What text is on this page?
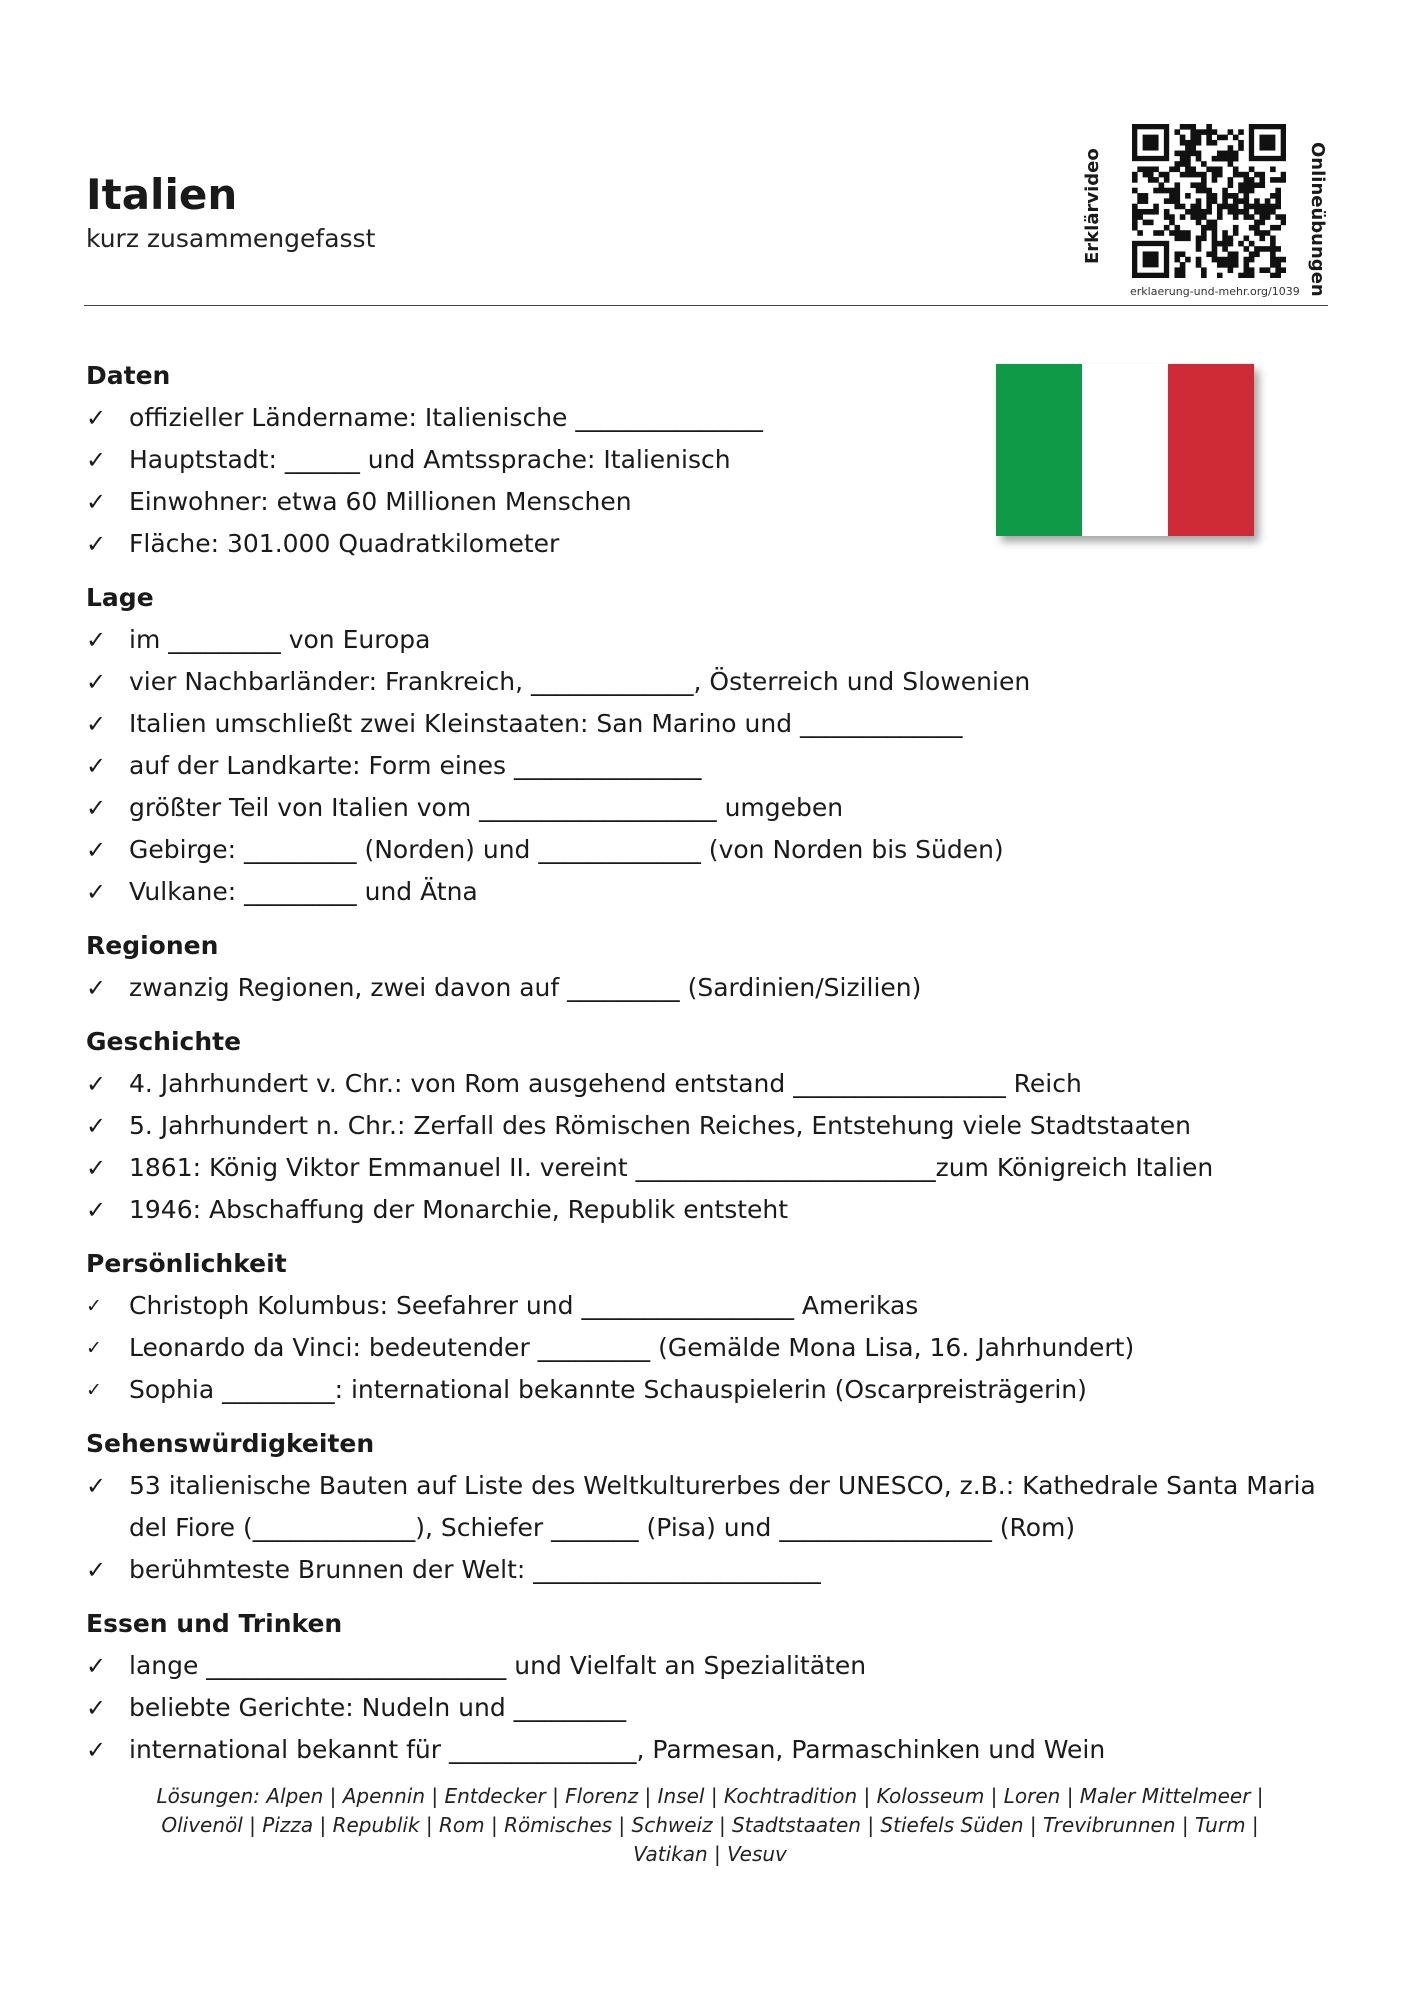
Italien
kurz zusammengefasst	Erklärvideo	Onlineübungen
erklaerung-und-mehr.org/1039
Daten
✓ offizieller Ländername: Italienische _______________
✓ Hauptstadt: ______ und Amtssprache: Italienisch
✓ Einwohner: etwa 60 Millionen Menschen
✓ Fläche: 301.000 Quadratkilometer
Lage
✓ im _________ von Europa
✓ vier Nachbarländer: Frankreich, _____________, Österreich und Slowenien
✓ Italien umschließt zwei Kleinstaaten: San Marino und _____________
✓ auf der Landkarte: Form eines _______________
✓ größter Teil von Italien vom ___________________ umgeben
✓ Gebirge: _________ (Norden) und _____________ (von Norden bis Süden)
✓ Vulkane: _________ und Ätna
Regionen
✓ zwanzig Regionen, zwei davon auf _________ (Sardinien/Sizilien)
Geschichte
✓ 4. Jahrhundert v. Chr.: von Rom ausgehend entstand _________________ Reich
✓ 5. Jahrhundert n. Chr.: Zerfall des Römischen Reiches, Entstehung viele Stadtstaaten
✓ 1861: König Viktor Emmanuel II. vereint ________________________zum Königreich Italien
✓ 1946: Abschaffung der Monarchie, Republik entsteht
Persönlichkeit
✓	Christoph Kolumbus: Seefahrer und _________________ Amerikas
✓	Leonardo da Vinci: bedeutender _________ (Gemälde Mona Lisa, 16. Jahrhundert)
✓	Sophia _________: international bekannte Schauspielerin (Oscarpreisträgerin)
Sehenswürdigkeiten
✓ 53 italienische Bauten auf Liste des Weltkulturerbes der UNESCO, z.B.: Kathedrale Santa Maria del Fiore (_____________), Schiefer _______ (Pisa) und _________________ (Rom)
✓ berühmteste Brunnen der Welt: _______________________
Essen und Trinken
✓ lange ________________________ und Vielfalt an Spezialitäten
✓ beliebte Gerichte: Nudeln und _________
✓ international bekannt für _______________, Parmesan, Parmaschinken und Wein
Lösungen: Alpen | Apennin | Entdecker | Florenz | Insel | Kochtradition | Kolosseum | Loren | Maler Mittelmeer | Olivenöl | Pizza | Republik | Rom | Römisches | Schweiz | Stadtstaaten | Stiefels Süden | Trevibrunnen | Turm | Vatikan | Vesuv
